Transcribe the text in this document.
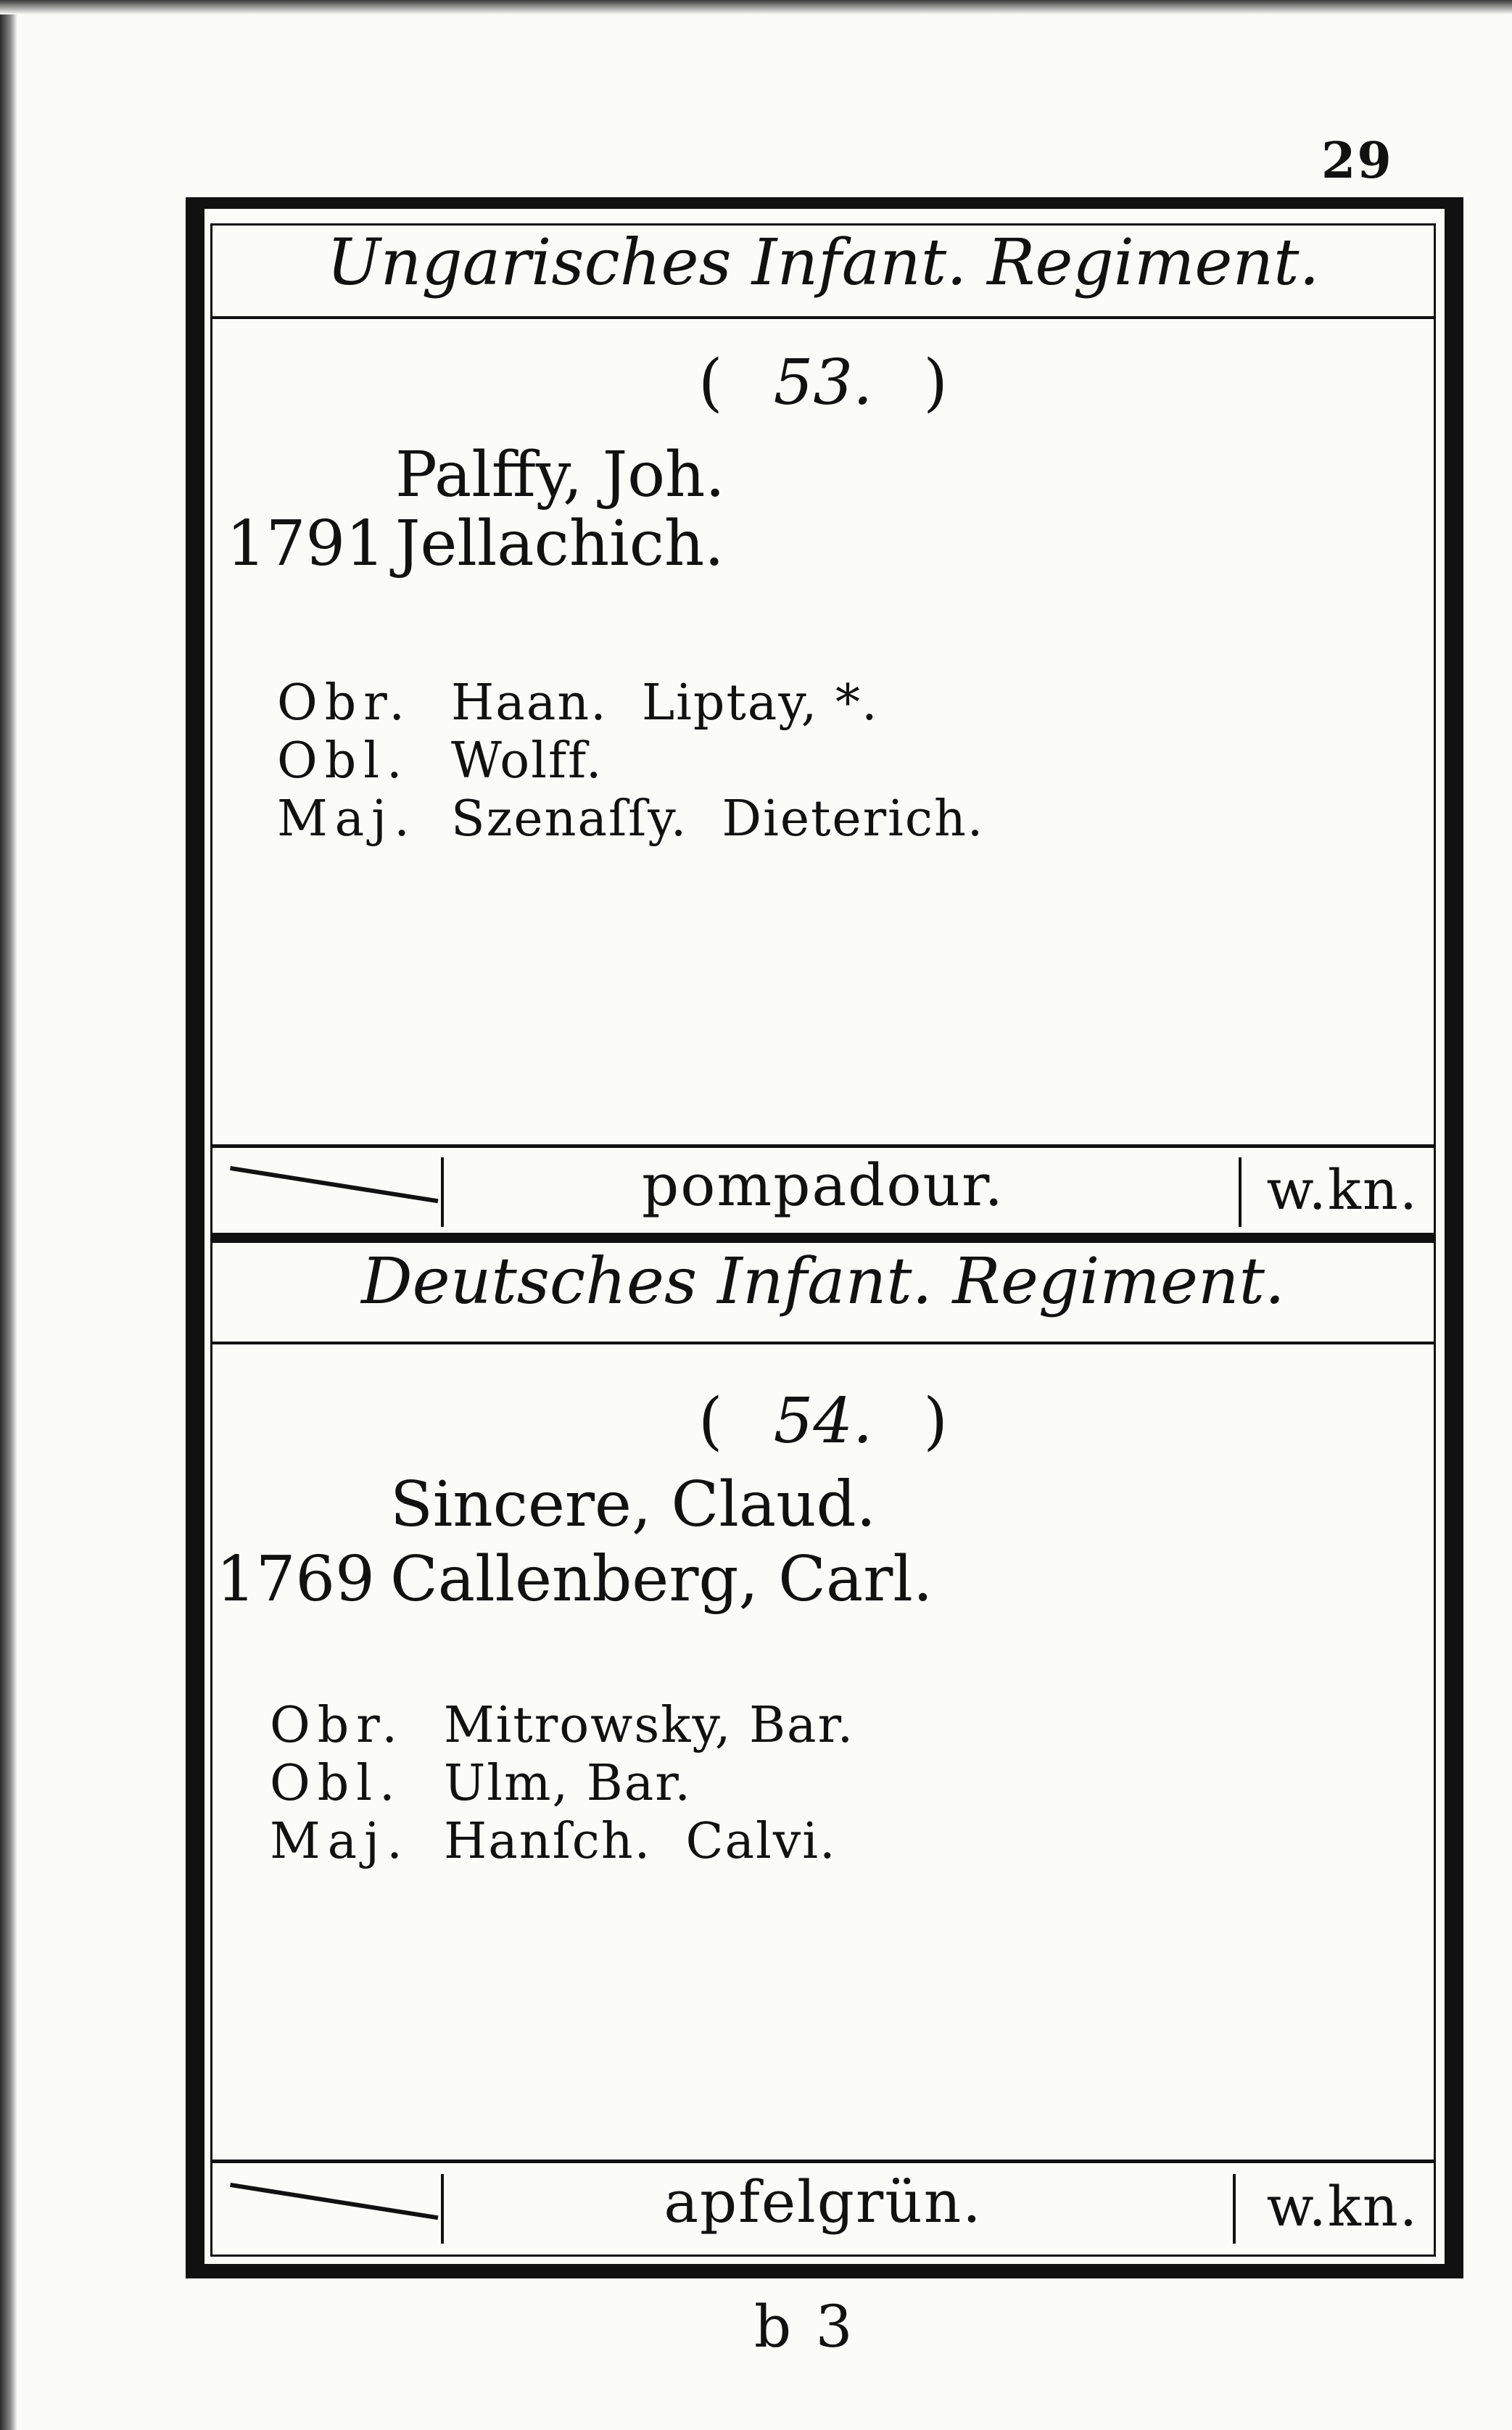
29
Ungarisches Infant. Regiment.
( 53. )
Palffy, Joh.
1791 Jellachich.
Obr. Haan.  Liptay, *.
Obl. Wolff.
Maj. Szenaſſy.  Dieterich.
pompadour.	w.kn.
Deutsches Infant. Regiment.
( 54. )
Sincere, Claud.
1769 Callenberg, Carl.
Obr. Mitrowsky, Bar.
Obl. Ulm, Bar.
Maj. Hanſch.  Calvi.
apfelgrün.	w.kn.
b 3
